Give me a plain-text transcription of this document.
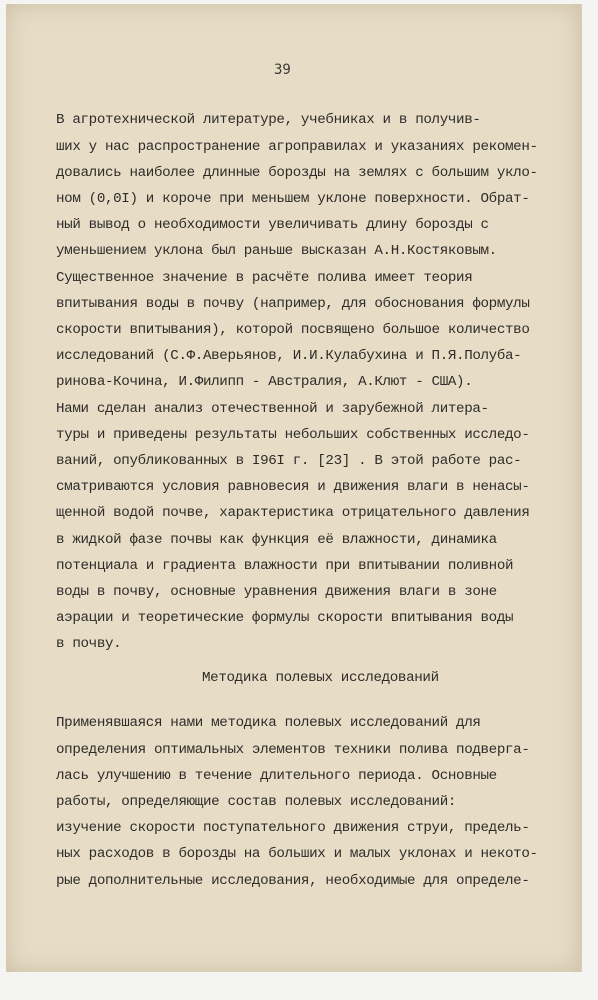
39
В агротехнической литературе, учебниках и в получив-
ших у нас распространение агроправилах и указаниях рекомен-
довались наиболее длинные борозды на землях с большим укло-
ном (0,0I) и короче при меньшем уклоне поверхности. Обрат-
ный вывод о необходимости увеличивать длину борозды с
уменьшением уклона был раньше высказан А.Н.Костяковым.
Существенное значение в расчёте полива имеет теория
впитывания воды в почву (например, для обоснования формулы
скорости впитывания), которой посвящено большое количество
исследований (С.Ф.Аверьянов, И.И.Кулабухина и П.Я.Полуба-
ринова-Кочина, И.Филипп - Австралия, А.Клют - США).
Нами сделан анализ отечественной и зарубежной литера-
туры и приведены результаты небольших собственных исследо-
ваний, опубликованных в I96I г. [23] . В этой работе рас-
сматриваются условия равновесия и движения влаги в ненасы-
щенной водой почве, характеристика отрицательного давления
в жидкой фазе почвы как функция её влажности, динамика
потенциала и градиента влажности при впитывании поливной
воды в почву, основные уравнения движения влаги в зоне
аэрации и теоретические формулы скорости впитывания воды
в почву.
Методика полевых исследований
Применявшаяся нами методика полевых исследований для
определения оптимальных элементов техники полива подверга-
лась улучшению в течение длительного периода. Основные
работы, определяющие состав полевых исследований:
изучение скорости поступательного движения струи, предель-
ных расходов в борозды на больших и малых уклонах и некото-
рые дополнительные исследования, необходимые для определе-
